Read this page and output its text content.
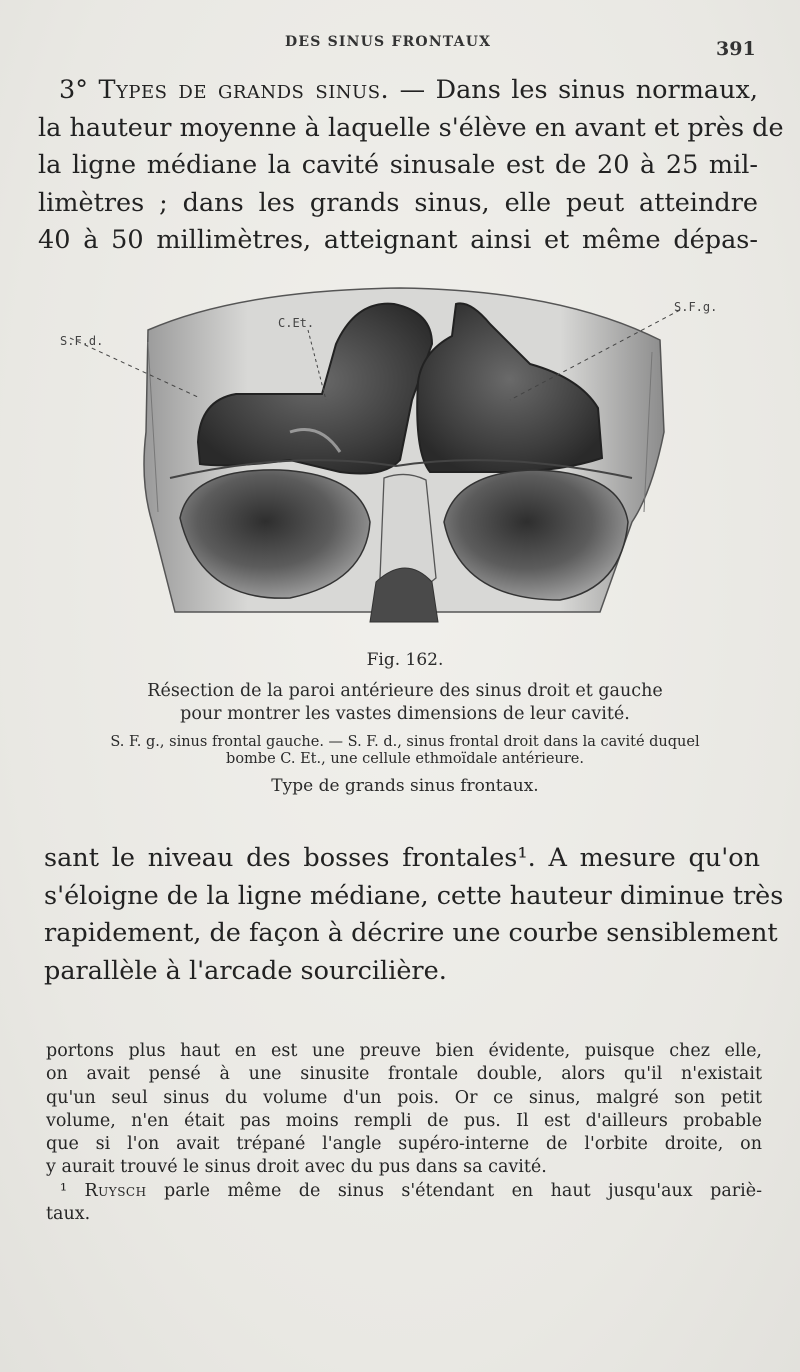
DES SINUS FRONTAUX	391
3° Types de grands sinus. — Dans les sinus normaux,
la hauteur moyenne à laquelle s'élève en avant et près de
la ligne médiane la cavité sinusale est de 20 à 25 mil-
limètres ; dans les grands sinus, elle peut atteindre
40 à 50 millimètres, atteignant ainsi et même dépas-
S.F.d.
C.Et.
S.F.g.
Fig. 162.
Résection de la paroi antérieure des sinus droit et gauche
pour montrer les vastes dimensions de leur cavité.
S. F. g., sinus frontal gauche. — S. F. d., sinus frontal droit dans la cavité duquel
bombe C. Et., une cellule ethmoïdale antérieure.
Type de grands sinus frontaux.
sant le niveau des bosses frontales¹. A mesure qu'on
s'éloigne de la ligne médiane, cette hauteur diminue très
rapidement, de façon à décrire une courbe sensiblement
parallèle à l'arcade sourcilière.
portons plus haut en est une preuve bien évidente, puisque chez elle,
on avait pensé à une sinusite frontale double, alors qu'il n'existait
qu'un seul sinus du volume d'un pois. Or ce sinus, malgré son petit
volume, n'en était pas moins rempli de pus. Il est d'ailleurs probable
que si l'on avait trépané l'angle supéro-interne de l'orbite droite, on
y aurait trouvé le sinus droit avec du pus dans sa cavité.
¹ Ruysch parle même de sinus s'étendant en haut jusqu'aux pariè-
taux.
